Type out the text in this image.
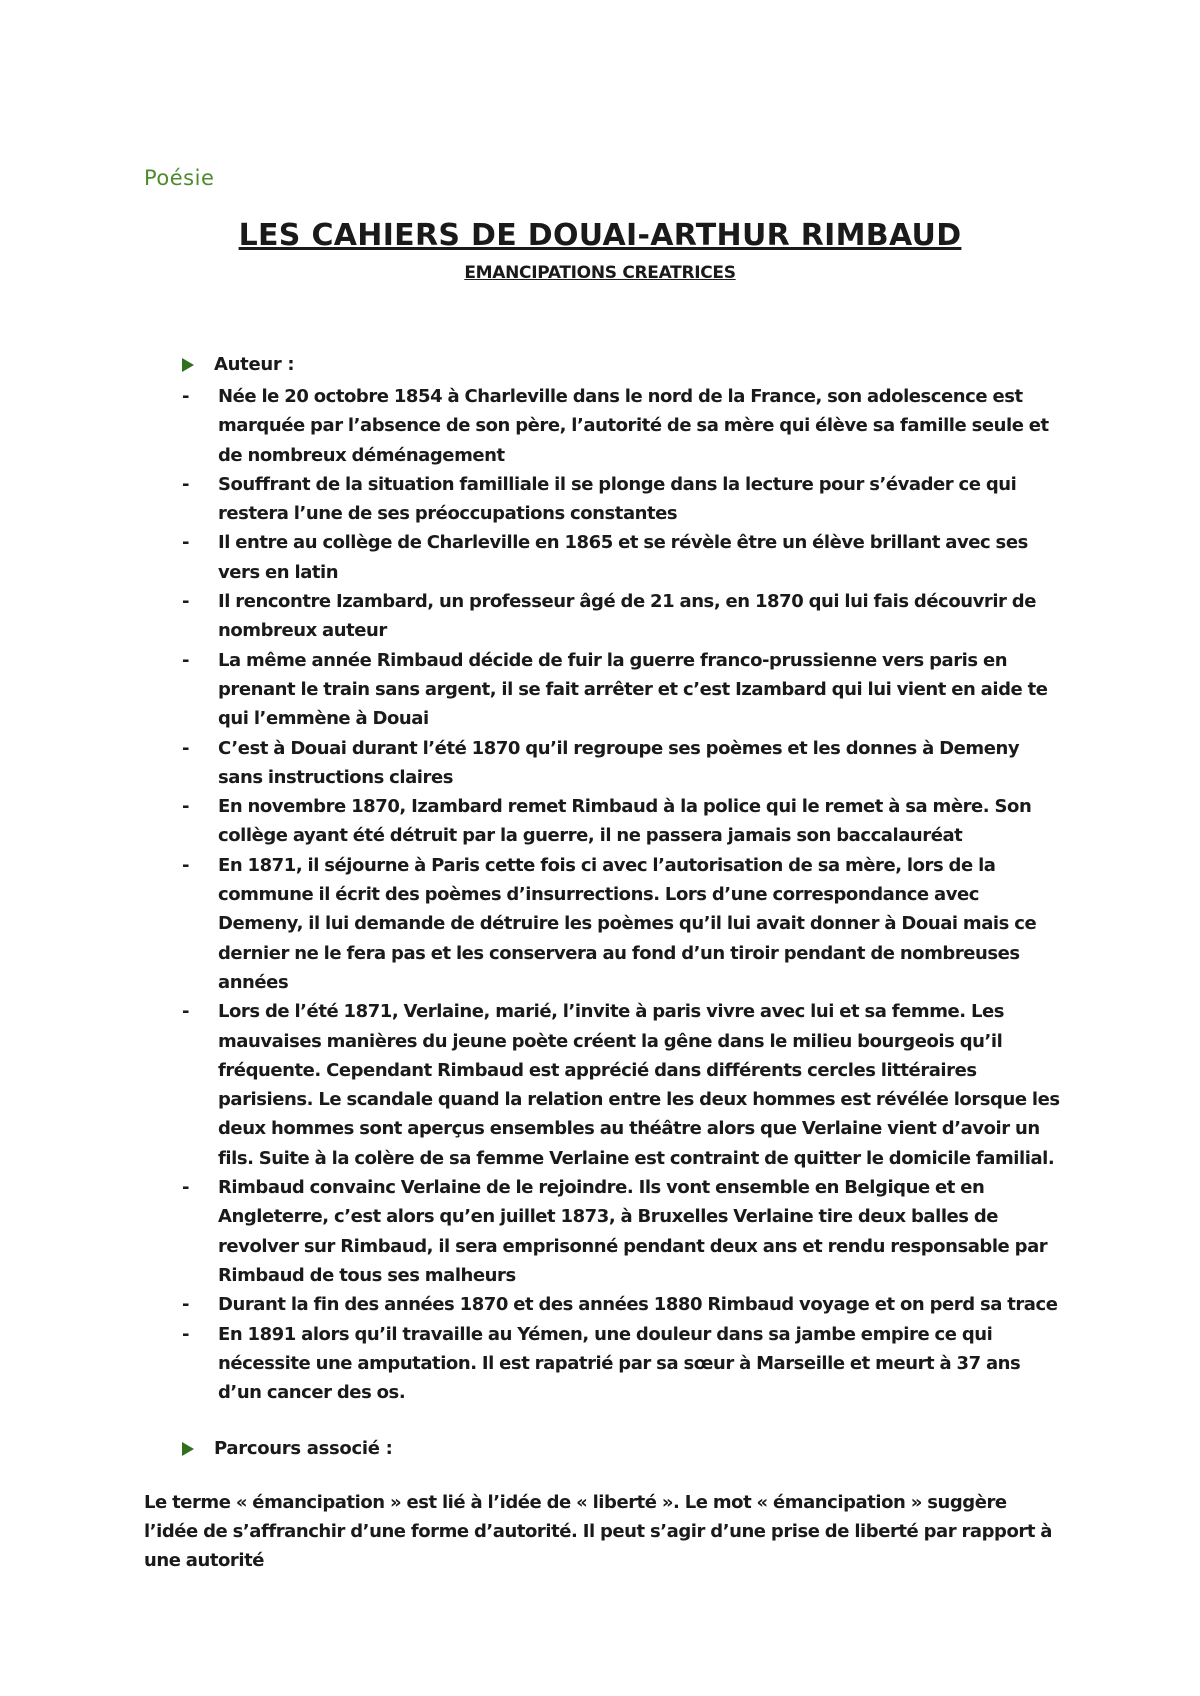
Poésie
LES CAHIERS DE DOUAI-ARTHUR RIMBAUD
EMANCIPATIONS CREATRICES
Auteur :
- Née le 20 octobre 1854 à Charleville dans le nord de la France, son adolescence est marquée par l’absence de son père, l’autorité de sa mère qui élève sa famille seule et de nombreux déménagement
- Souffrant de la situation familliale il se plonge dans la lecture pour s’évader ce qui restera l’une de ses préoccupations constantes
- Il entre au collège de Charleville en 1865 et se révèle être un élève brillant avec ses vers en latin
- Il rencontre Izambard, un professeur âgé de 21 ans, en 1870 qui lui fais découvrir de nombreux auteur
- La même année Rimbaud décide de fuir la guerre franco-prussienne vers paris en prenant le train sans argent, il se fait arrêter et c’est Izambard qui lui vient en aide te qui l’emmène à Douai
- C’est à Douai durant l’été 1870 qu’il regroupe ses poèmes et les donnes à Demeny sans instructions claires
- En novembre 1870, Izambard remet Rimbaud à la police qui le remet à sa mère. Son collège ayant été détruit par la guerre, il ne passera jamais son baccalauréat
- En 1871, il séjourne à Paris cette fois ci avec l’autorisation de sa mère, lors de la commune il écrit des poèmes d’insurrections. Lors d’une correspondance avec Demeny, il lui demande de détruire les poèmes qu’il lui avait donner à Douai mais ce dernier ne le fera pas et les conservera au fond d’un tiroir pendant de nombreuses années
- Lors de l’été 1871, Verlaine, marié, l’invite à paris vivre avec lui et sa femme. Les mauvaises manières du jeune poète créent la gêne dans le milieu bourgeois qu’il fréquente. Cependant Rimbaud est apprécié dans différents cercles littéraires parisiens. Le scandale quand la relation entre les deux hommes est révélée lorsque les deux hommes sont aperçus ensembles au théâtre alors que Verlaine vient d’avoir un fils. Suite à la colère de sa femme Verlaine est contraint de quitter le domicile familial.
- Rimbaud convainc Verlaine de le rejoindre. Ils vont ensemble en Belgique et en Angleterre, c’est alors qu’en juillet 1873, à Bruxelles Verlaine tire deux balles de revolver sur Rimbaud, il sera emprisonné pendant deux ans et rendu responsable par Rimbaud de tous ses malheurs
- Durant la fin des années 1870 et des années 1880 Rimbaud voyage et on perd sa trace
- En 1891 alors qu’il travaille au Yémen, une douleur dans sa jambe empire ce qui nécessite une amputation. Il est rapatrié par sa sœur à Marseille et meurt à 37 ans d’un cancer des os.
Parcours associé :

Le terme « émancipation » est lié à l’idée de « liberté ». Le mot « émancipation » suggère l’idée de s’affranchir d’une forme d’autorité. Il peut s’agir d’une prise de liberté par rapport à une autorité
